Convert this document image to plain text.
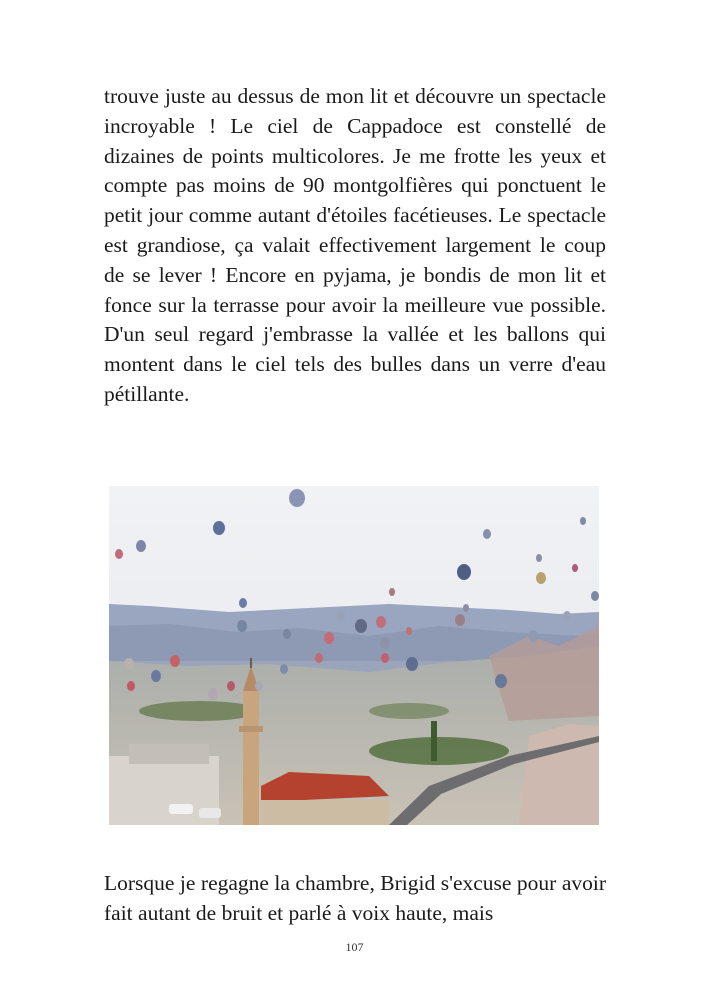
trouve juste au dessus de mon lit et découvre un spectacle incroyable ! Le ciel de Cappadoce est constellé de dizaines de points multicolores. Je me frotte les yeux et compte pas moins de 90 montgolfières qui ponctuent le petit jour comme autant d'étoiles facétieuses. Le spectacle est grandiose, ça valait effectivement largement le coup de se lever ! Encore en pyjama, je bondis de mon lit et fonce sur la terrasse pour avoir la meilleure vue possible. D'un seul regard j'embrasse la vallée et les ballons qui montent dans le ciel tels des bulles dans un verre d'eau pétillante.

Lorsque je regagne la chambre, Brigid s'excuse pour avoir fait autant de bruit et parlé à voix haute, mais

107
